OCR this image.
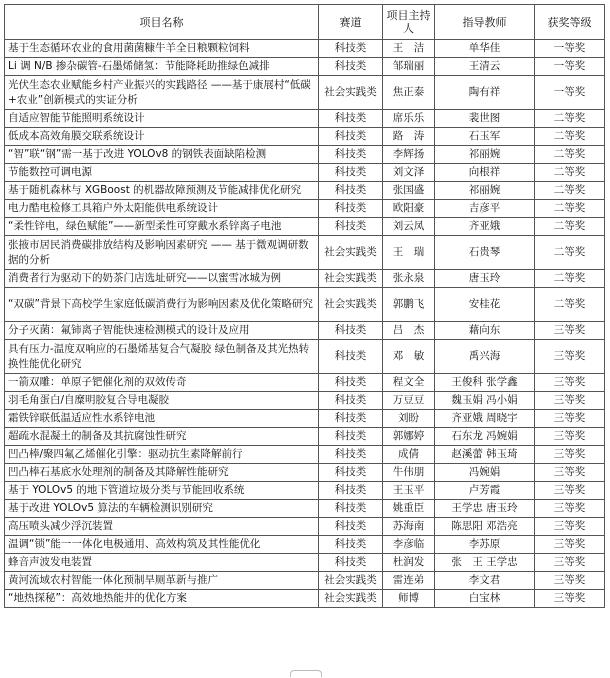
项目名称	赛道	项目主持人	指导教师	获奖等级
基于生态循环农业的食用菌菌糠牛羊全日粮颗粒饲料	科技类	王　洁	单华佳	一等奖
Li 调 N/B 掺杂碳管-石墨烯储氢：节能降耗助推绿色减排	科技类	邹瑞丽	王清云	一等奖
光伏生态农业赋能乡村产业振兴的实践路径 ——基于康展村“低碳+农业”创新模式的实证分析	社会实践类	焦正泰	陶有祥	一等奖
自适应智能节能照明系统设计	科技类	席乐乐	裴世图	二等奖
低成本高效角膜交联系统设计	科技类	路　涛	石玉军	二等奖
“智”联“钢”需一基于改进 YOLOv8 的钢铁表面缺陷检测	科技类	李辉扬	祁丽婉	二等奖
节能数控可调电源	科技类	刘文泽	向根祥	二等奖
基于随机森林与 XGBoost 的机器故障预测及节能减排优化研究	科技类	张国盛	祁丽婉	二等奖
电力酷电检修工具箱户外太阳能供电系统设计	科技类	欧阳豪	吉彦平	二等奖
“柔性锌电，绿色赋能”——新型柔性可穿戴水系锌离子电池	科技类	刘云凤	齐亚娥	二等奖
张掖市居民消费碳排放结构及影响因素研究 —— 基于微观调研数据的分析	社会实践类	王　瑞	石贵琴	二等奖
消费者行为驱动下的奶茶门店选址研究——以蜜雪冰城为例	社会实践类	张永泉	唐玉玲	二等奖
“双碳”背景下高校学生家庭低碳消费行为影响因素及优化策略研究	社会实践类	郭鹏飞	安桂花	二等奖
分子灭菌：氟铈离子智能快速检测模式的设计及应用	科技类	吕　杰	藉向东	三等奖
具有压力-温度双响应的石墨烯基复合气凝胶 绿色制备及其光热转换性能优化研究	科技类	邓　敏	禹兴海	三等奖
一箭双雕：单原子钯催化剂的双效传奇	科技类	程文全	王俊科 张学鑫	三等奖
羽毛角蛋白/自糜明胶复合导电凝胶	科技类	万豆豆	魏玉娟 冯小娟	三等奖
霜铁锌联低温适应性水系锌电池	科技类	刘盼	齐亚娥 周晓宇	三等奖
超疏水混凝土的制备及其抗腐蚀性研究	科技类	郭娜婷	石东龙 冯婉娟	三等奖
凹凸棒/聚四氟乙烯催化引擎：驱动抗生素降解前行	科技类	成倩	赵溪蕾 韩玉琦	三等奖
凹凸棒石基底水处理剂的制备及其降解性能研究	科技类	牛伟朋	冯婉娟	三等奖
基于 YOLOv5 的地下管道垃圾分类与节能回收系统	科技类	王玉平	卢芳霞	三等奖
基于改进 YOLOv5 算法的车辆检测识别研究	科技类	姚重臣	王学忠 唐玉玲	三等奖
高压喷头减少浮沉装置	科技类	苏海南	陈思阳 邓浩亮	三等奖
温调“锁”能一一体化电极通用、高效构筑及其性能优化	科技类	李彦临	李苏原	三等奖
蜂音声波发电装置	科技类	杜润发	张　王 王学忠	三等奖
黄河流域农村智能一体化预制旱厕革新与推广	社会实践类	雷连弟	李文君	三等奖
“地热探秘”：高效地热能井的优化方案	社会实践类	师博	白宝林	三等奖
